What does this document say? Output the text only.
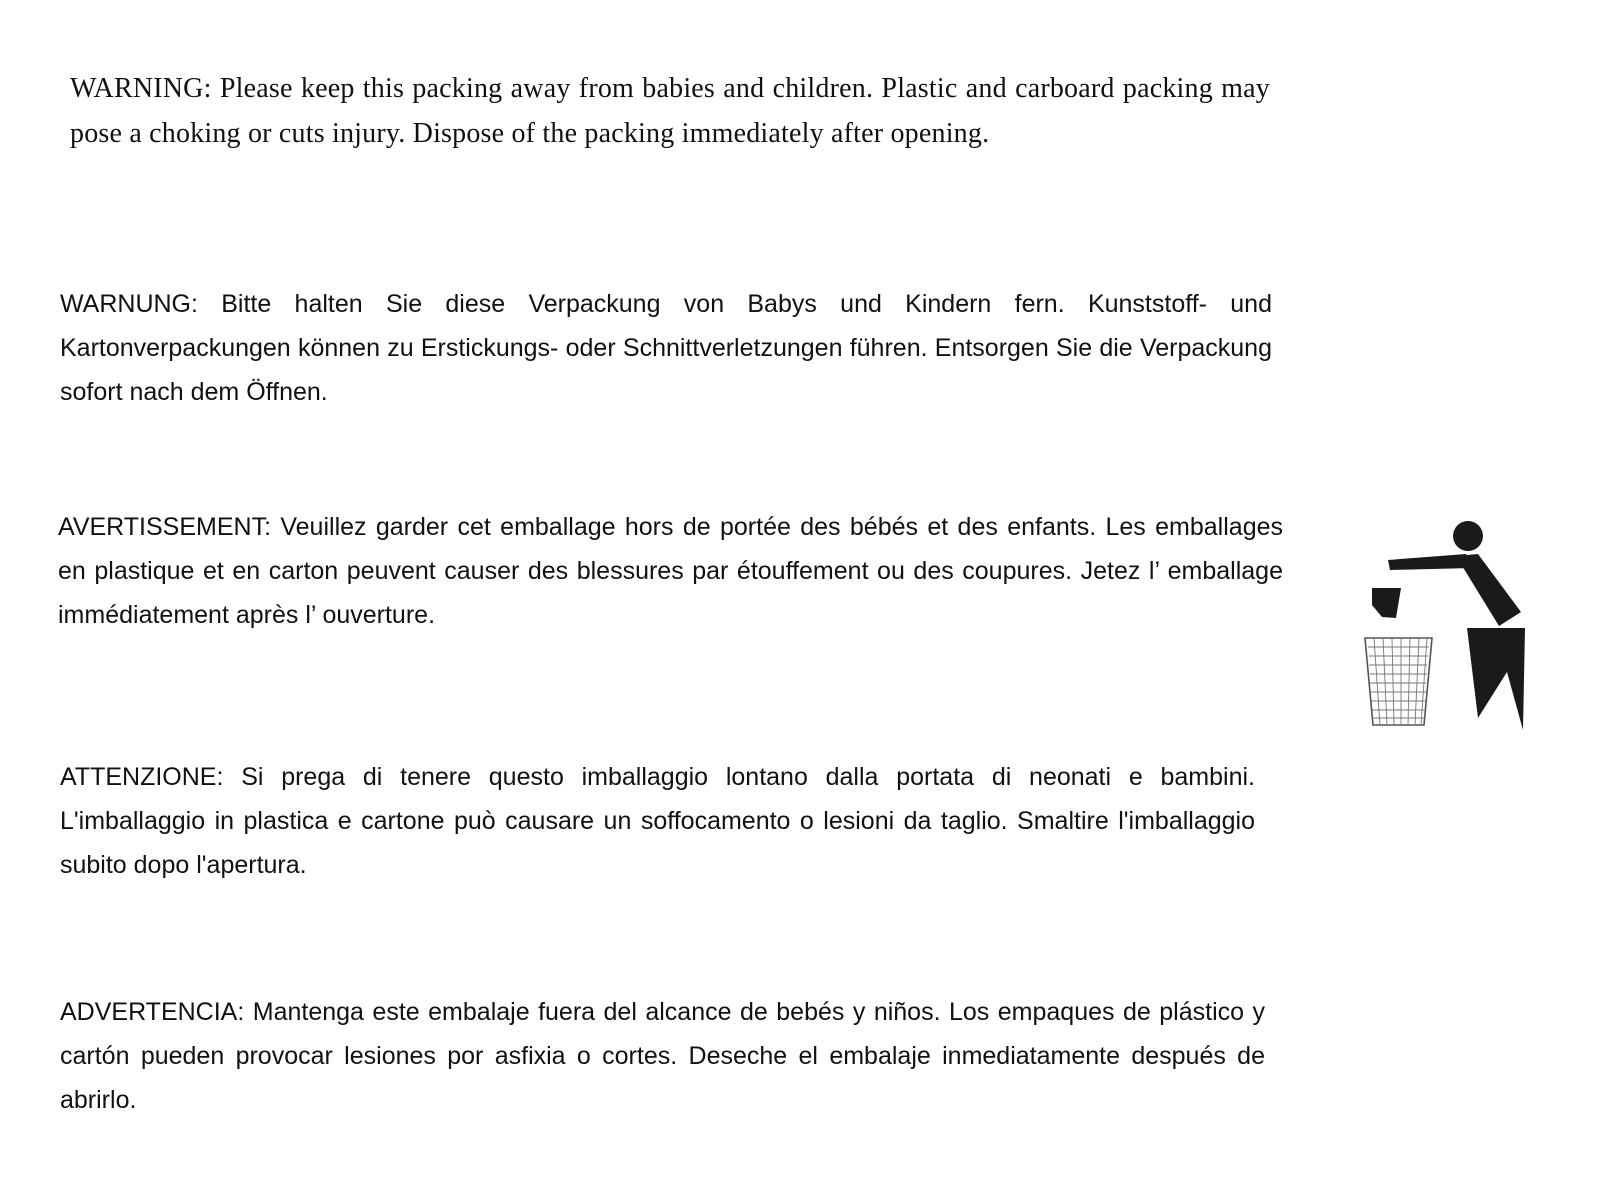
WARNING: Please keep this packing away from babies and children. Plastic and carboard packing may pose a choking or cuts injury. Dispose of the packing immediately after opening.

WARNUNG: Bitte halten Sie diese Verpackung von Babys und Kindern fern. Kunststoff- und Kartonverpackungen können zu Erstickungs- oder Schnittverletzungen führen. Entsorgen Sie die Verpackung sofort nach dem Öffnen.

AVERTISSEMENT: Veuillez garder cet emballage hors de portée des bébés et des enfants. Les emballages en plastique et en carton peuvent causer des blessures par étouffement ou des coupures. Jetez l’ emballage immédiatement après l’ ouverture.

ATTENZIONE: Si prega di tenere questo imballaggio lontano dalla portata di neonati e bambini. L'imballaggio in plastica e cartone può causare un soffocamento o lesioni da taglio. Smaltire l'imballaggio subito dopo l'apertura.

ADVERTENCIA: Mantenga este embalaje fuera del alcance de bebés y niños. Los empaques de plástico y cartón pueden provocar lesiones por asfixia o cortes. Deseche el embalaje inmediatamente después de abrirlo.
